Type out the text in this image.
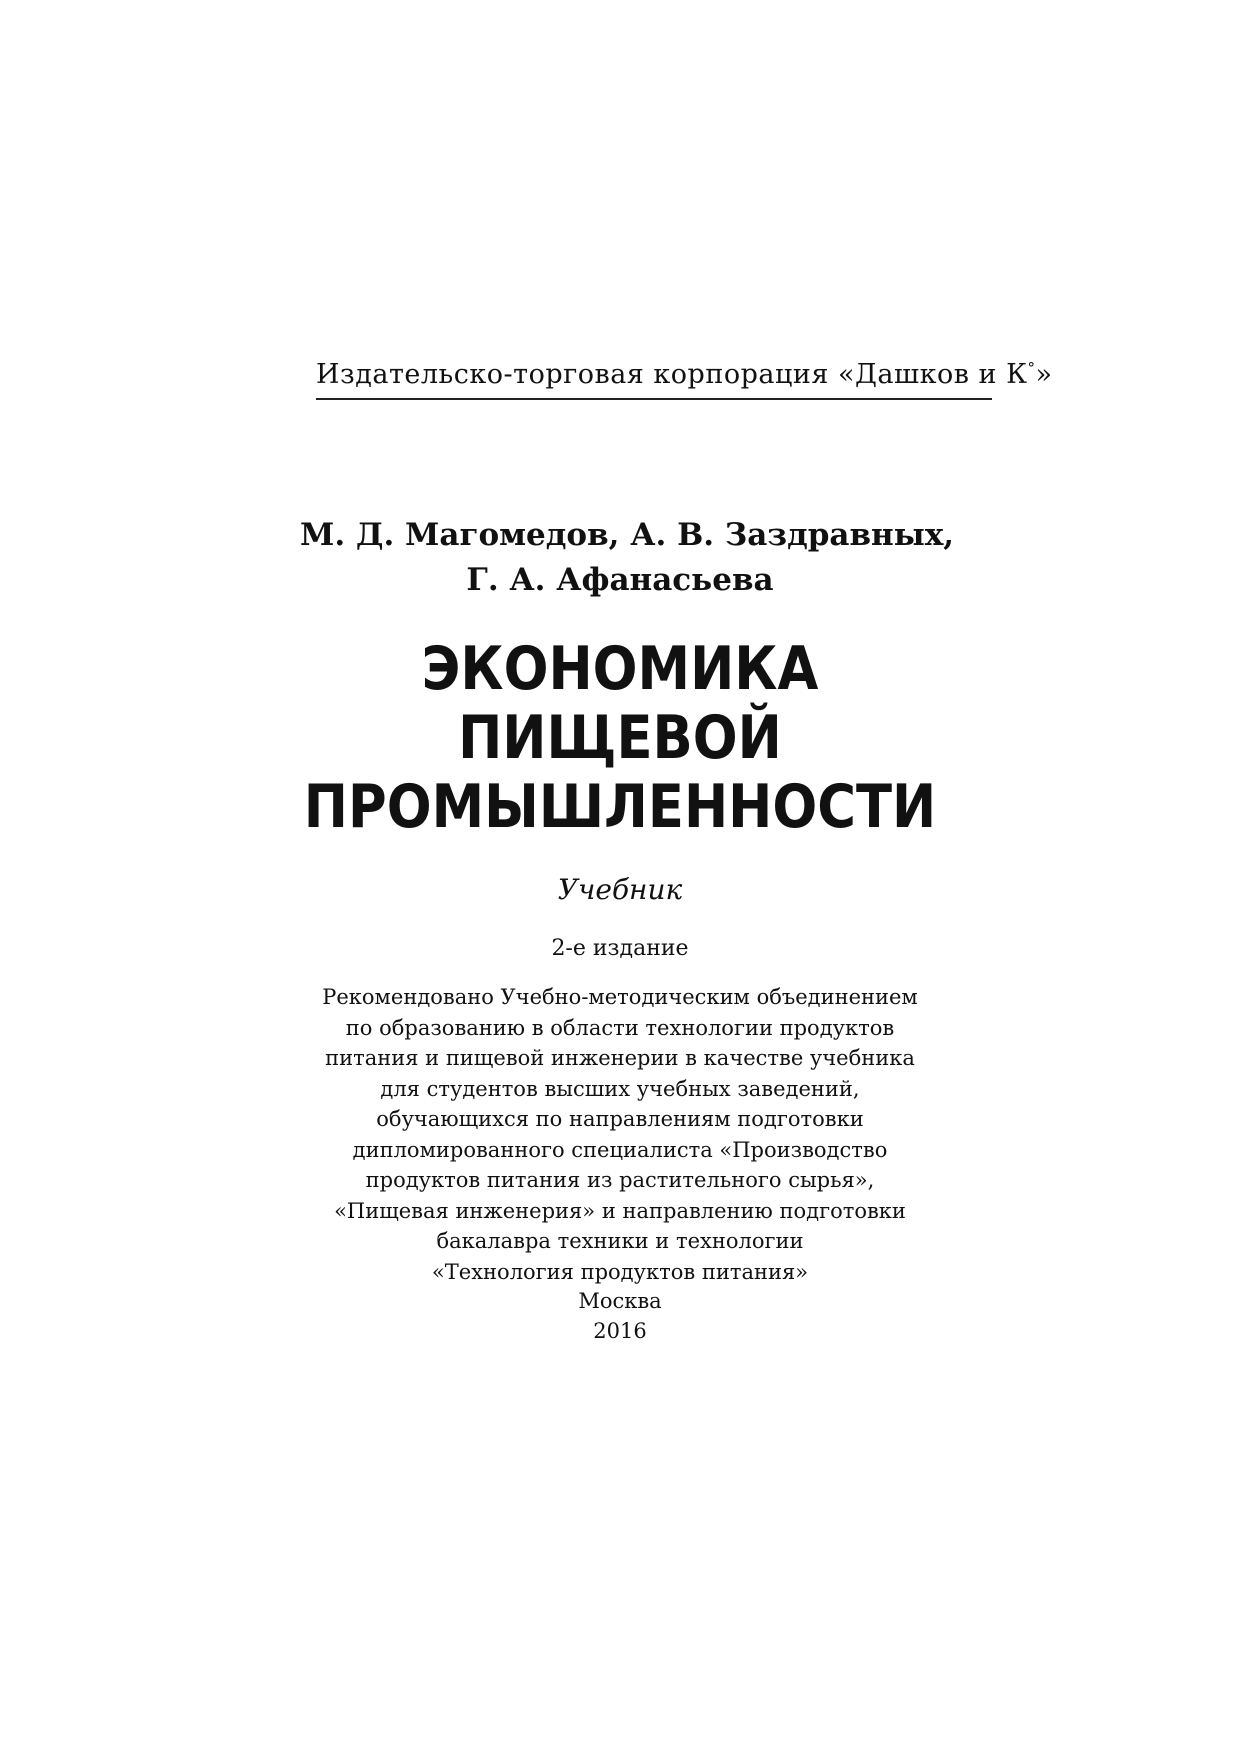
Издательско-торговая корпорация «Дашков и К°»
М. Д. Магомедов, А. В. Заздравных,
Г. А. Афанасьева
ЭКОНОМИКА
ПИЩЕВОЙ
ПРОМЫШЛЕННОСТИ
Учебник
2-е издание
Рекомендовано Учебно-методическим объединением
по образованию в области технологии продуктов
питания и пищевой инженерии в качестве учебника
для студентов высших учебных заведений,
обучающихся по направлениям подготовки
дипломированного специалиста «Производство
продуктов питания из растительного сырья»,
«Пищевая инженерия» и направлению подготовки
бакалавра техники и технологии
«Технология продуктов питания»
Москва
2016
